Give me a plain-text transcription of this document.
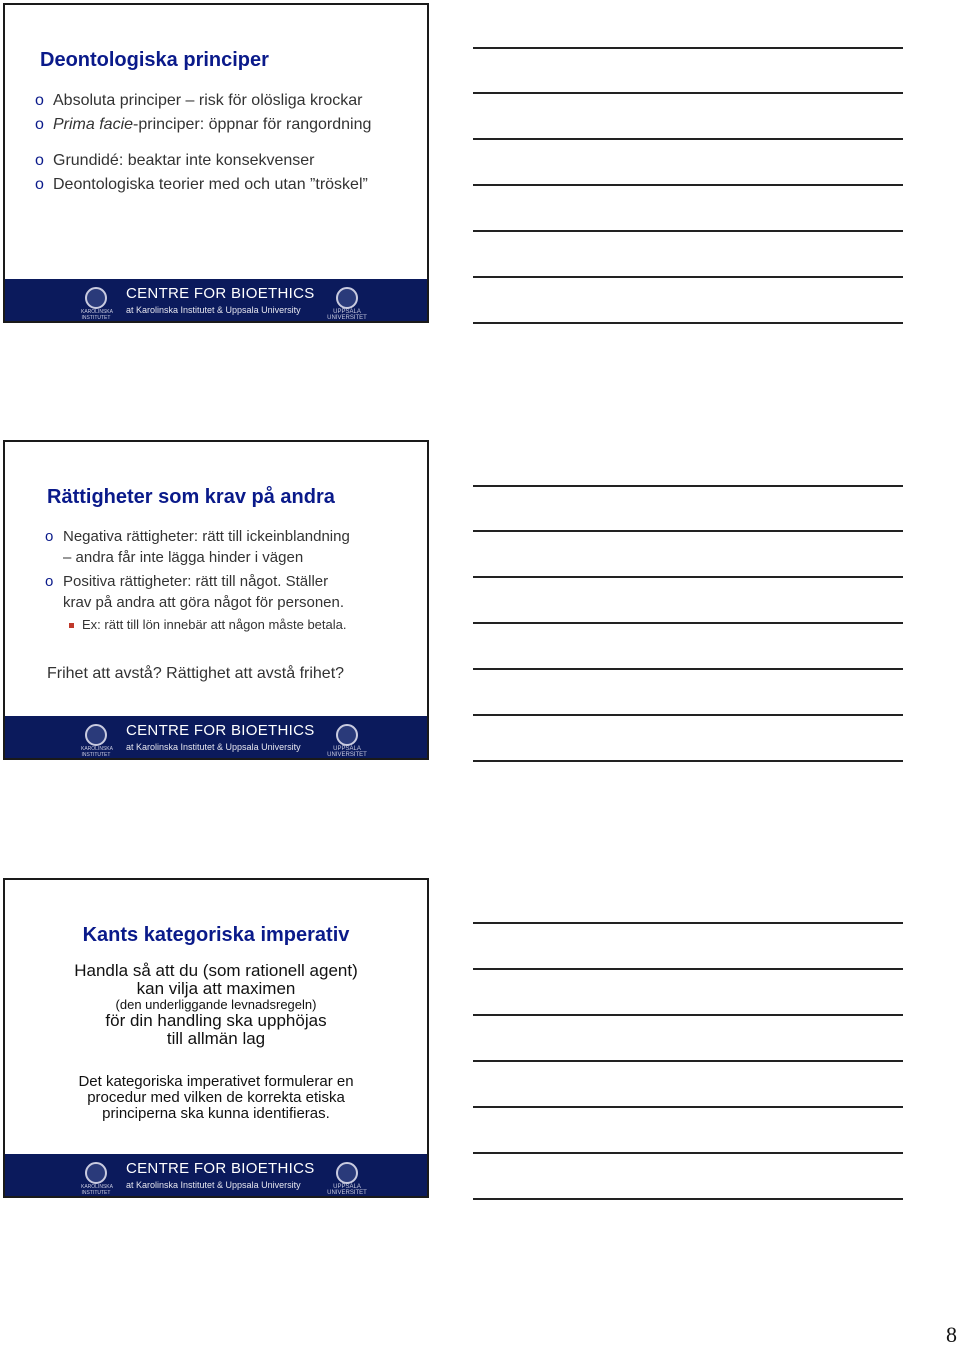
Deontologiska principer
o Absoluta principer – risk för olösliga krockar
o Prima facie-principer: öppnar för rangordning
o Grundidé: beaktar inte konsekvenser
o Deontologiska teorier med och utan ”tröskel”
KAROLINSKA INSTITUTET
CENTRE FOR BIOETHICS
at Karolinska Institutet & Uppsala University	UPPSALA UNIVERSITET
Rättigheter som krav på andra
o Negativa rättigheter: rätt till ickeinblandning
– andra får inte lägga hinder i vägen
o Positiva rättigheter: rätt till något. Ställer
krav på andra att göra något för personen.
Ex: rätt till lön innebär att någon måste betala.
Frihet att avstå? Rättighet att avstå frihet?
KAROLINSKA INSTITUTET
CENTRE FOR BIOETHICS
at Karolinska Institutet & Uppsala University	UPPSALA UNIVERSITET
Kants kategoriska imperativ
Handla så att du (som rationell agent)
kan vilja att maximen
(den underliggande levnadsregeln)
för din handling ska upphöjas
till allmän lag
Det kategoriska imperativet formulerar en
procedur med vilken de korrekta etiska
principerna ska kunna identifieras.
KAROLINSKA INSTITUTET
CENTRE FOR BIOETHICS
at Karolinska Institutet & Uppsala University	UPPSALA UNIVERSITET
8
